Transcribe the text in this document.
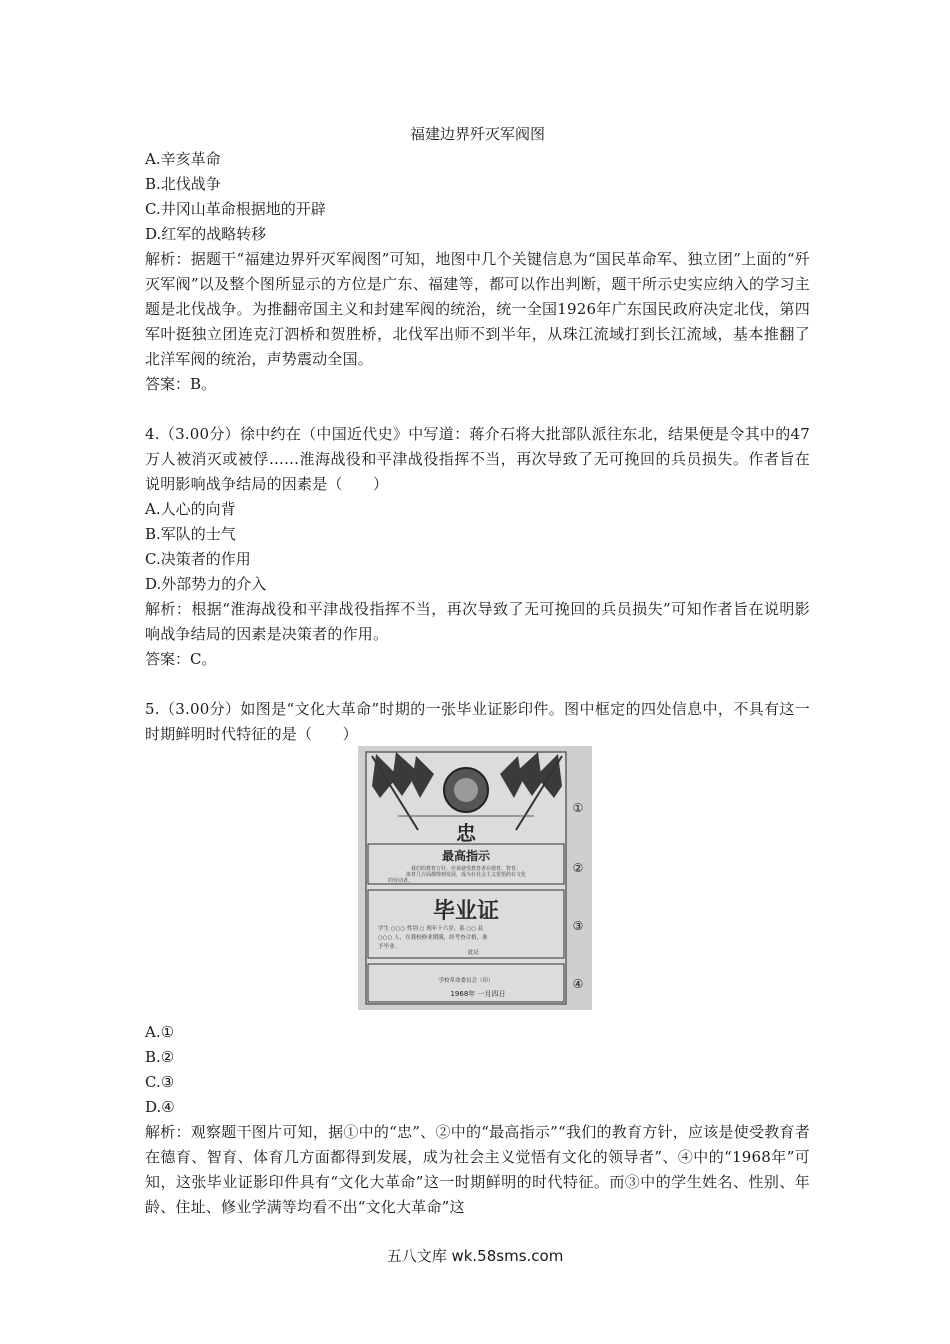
福建边界歼灭军阀图
A.辛亥革命
B.北伐战争
C.井冈山革命根据地的开辟
D.红军的战略转移
解析：据题干“福建边界歼灭军阀图”可知，地图中几个关键信息为“国民革命军、独立团”上面的“歼灭军阀”以及整个图所显示的方位是广东、福建等，都可以作出判断，题干所示史实应纳入的学习主题是北伐战争。为推翻帝国主义和封建军阀的统治，统一全国1926年广东国民政府决定北伐，第四军叶挺独立团连克汀泗桥和贺胜桥，北伐军出师不到半年，从珠江流域打到长江流域，基本推翻了北洋军阀的统治，声势震动全国。
答案：B。
4.（3.00分）徐中约在（中国近代史》中写道：蒋介石将大批部队派往东北，结果便是令其中的47万人被消灭或被俘……淮海战役和平津战役指挥不当，再次导致了无可挽回的兵员损失。作者旨在说明影响战争结局的因素是（　　）
A.人心的向背
B.军队的士气
C.决策者的作用
D.外部势力的介入
解析：根据“淮海战役和平津战役指挥不当，再次导致了无可挽回的兵员损失”可知作者旨在说明影响战争结局的因素是决策者的作用。
答案：C。
5.（3.00分）如图是“文化大革命”时期的一张毕业证影印件。图中框定的四处信息中，不具有这一时期鲜明时代特征的是（　　）
忠
最高指示
我们的教育方针，应该使受教育者在德育、智育、
体育几方面都得到发展，成为有社会主义觉悟的有文化
的劳动者。
毕业证
学生 ○○○ 性别 ○ 现年十六岁，系 ○○ 县
○○○ 人，在我校修业期满，经考查合格，准
予毕业。
此证
学校革命委员会（印）
1968年 一月四日
①
②
③
④
A.①
B.②
C.③
D.④
解析：观察题干图片可知，据①中的“忠”、②中的“最高指示”“我们的教育方针，应该是使受教育者在德育、智育、体育几方面都得到发展，成为社会主义觉悟有文化的领导者”、④中的“1968年”可知，这张毕业证影印件具有“文化大革命”这一时期鲜明的时代特征。而③中的学生姓名、性别、年龄、住址、修业学满等均看不出“文化大革命”这
五八文库 wk.58sms.com
